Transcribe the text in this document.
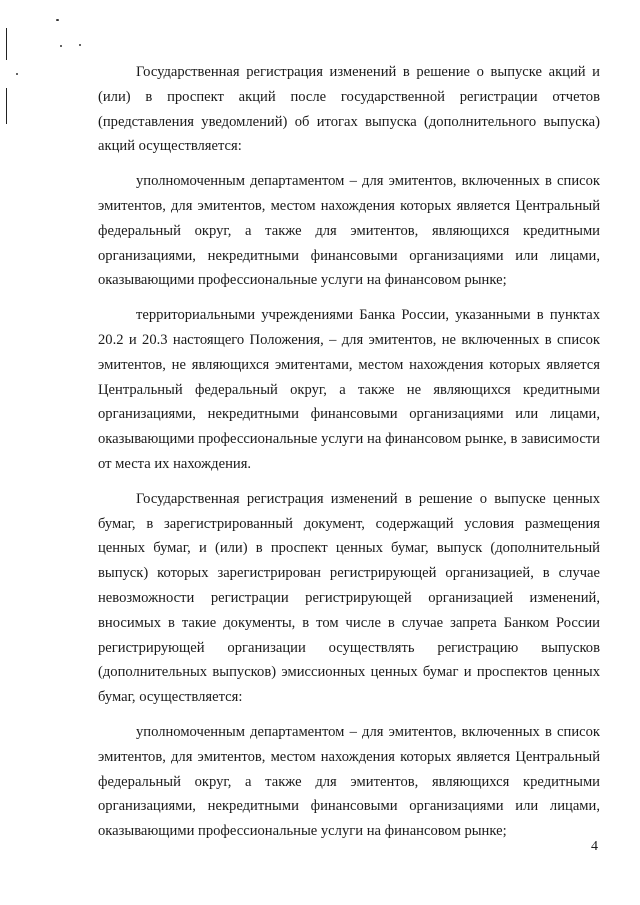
Государственная регистрация изменений в решение о выпуске акций и (или) в проспект акций после государственной регистрации отчетов (представления уведомлений) об итогах выпуска (дополнительного выпуска) акций осуществляется:

уполномоченным департаментом – для эмитентов, включенных в список эмитентов, для эмитентов, местом нахождения которых является Центральный федеральный округ, а также для эмитентов, являющихся кредитными организациями, некредитными финансовыми организациями или лицами, оказывающими профессиональные услуги на финансовом рынке;

территориальными учреждениями Банка России, указанными в пунктах 20.2 и 20.3 настоящего Положения, – для эмитентов, не включенных в список эмитентов, не являющихся эмитентами, местом нахождения которых является Центральный федеральный округ, а также не являющихся кредитными организациями, некредитными финансовыми организациями или лицами, оказывающими профессиональные услуги на финансовом рынке, в зависимости от места их нахождения.

Государственная регистрация изменений в решение о выпуске ценных бумаг, в зарегистрированный документ, содержащий условия размещения ценных бумаг, и (или) в проспект ценных бумаг, выпуск (дополнительный выпуск) которых зарегистрирован регистрирующей организацией, в случае невозможности регистрации регистрирующей организацией изменений, вносимых в такие документы, в том числе в случае запрета Банком России регистрирующей организации осуществлять регистрацию выпусков (дополнительных выпусков) эмиссионных ценных бумаг и проспектов ценных бумаг, осуществляется:

уполномоченным департаментом – для эмитентов, включенных в список эмитентов, для эмитентов, местом нахождения которых является Центральный федеральный округ, а также для эмитентов, являющихся кредитными организациями, некредитными финансовыми организациями или лицами, оказывающими профессиональные услуги на финансовом рынке;

4
